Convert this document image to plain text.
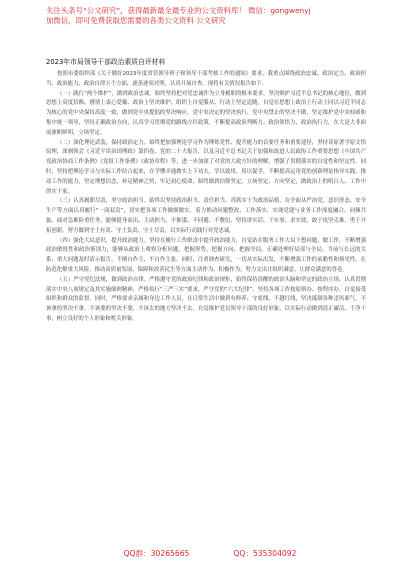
关注头条号“公文研究”，获得最新最全最专业的公文资料库！ 微信：gongwenyj
加微信，即可免费获取您需要的各类公文资料 公文研究
2023年市局领导干部政治素质自评材料

按照市委组织部《关于做好2023年度省管领导班子和领导干部考核工作的通知》要求，我重点围绕政治忠诚、政治定力、政治担当、政治能力、政治自律五个方面，逐条逐项对照，认真开展自查。现将有关情况报告如下：

（一）践行“两个维护”，做到政治忠诚。始终坚持把对党忠诚作为立身履职的根本要求，坚决维护习近平总书记的核心地位，做到思想上高度信赖、感情上衷心爱戴、政治上坚决维护、组织上自觉服从、行动上坚定追随，自觉在思想上政治上行动上同以习近平同志为核心的党中央保持高度一致，做到党中央提倡的坚决响应、党中央决定的坚决执行、党中央禁止的坚决不做，坚定维护党中央权威和集中统一领导，坚持正确政治方向，认真学习贯彻党的路线方针政策，不断提高政治判断力、政治领悟力、政治执行力，在大是大非面前旗帜鲜明、立场坚定。

（二）深化理论武装，保持政治定力。始终把加强理论学习作为锤炼党性、提升能力的首要任务和重要途径，坚持读原著学原文悟原理，深刻领会《习近平谈治国理政》第四卷、党的二十大报告，以及习近平总书记关于加强和改进人民政协工作重要思想《中国共产党政治协商工作条例》《党组工作条例》《政协章程》等，进一步加深了对党的大政方针的理解，增强了贯彻落实的自觉性和坚定性。同时，坚持把理论学习与实际工作结合起来，在学懂弄通做实上下功夫，学以致用、用以促学，不断提高运用党的创新理论指导实践、推动工作的能力，坚定理想信念，补足精神之钙，牢记初心使命，始终做到信仰坚定、立场坚定、方向坚定，做政治上的明白人、工作中的实干家。

（三）认真履职尽责，坚守政治担当。始终以坚持政治担当、责任担当、真抓实干为政治品格，在全面从严治党、意识形态、安全生产等方面认真履行“一岗双责”，切实把各项工作做细做实，着力推动问题整改、工作落实，实现党建与业务工作深度融合、同频共振。面对急难险重任务，能够挺身而出、主动担当，不推诿、不回避、不敷衍，坚持讲实话、干实事、求实效，敢于攻坚克难，勇于开拓创新，努力做到守土有责、守土负责、守土尽责，以实际行动践行对党忠诚。

（四）强化大局意识，提升政治能力。坚持在履行工作职责中提升政治能力，自觉站在服务工作大局下想问题、做工作，不断增强政治敏锐性和政治鉴别力，能够从政治上观察分析问题，把握形势、把握方向、把握全局，正确处理好局部与全局、当前与长远的关系，重大问题及时请示报告，不擅自作主、不自作主张。同时，注重调查研究，一切从实际出发，不断增强工作的前瞻性和预见性，在防范化解重大风险、推动高质量发展、保障和改善民生等方面主动作为、积极作为，努力交出让组织满意、让群众满意的答卷。

（五）严守党纪法规，做到政治自律。严格遵守党的政治纪律和政治规矩，始终保持清醒的政治头脑和坚定的政治立场，认真贯彻落实中央八项规定及其实施细则精神，严格执行“三严三实”要求，严守党的“六大纪律”，坚持各项工作按原则办、按程序办，自觉接受组织和群众的监督。同时，严格要求亲属和身边工作人员，在日常生活中做到有修养、守底线、不越红线，坚决抵制各种歪风邪气，不该拿的坚决不拿，不该要的坚决不要，不该去的地方坚决不去，自觉维护党员领导干部的良好形象，以实际行动做到清正廉洁、干净干事，树立良好的个人形象和机关形象。

QQ群：30265665	QQ：535304092
